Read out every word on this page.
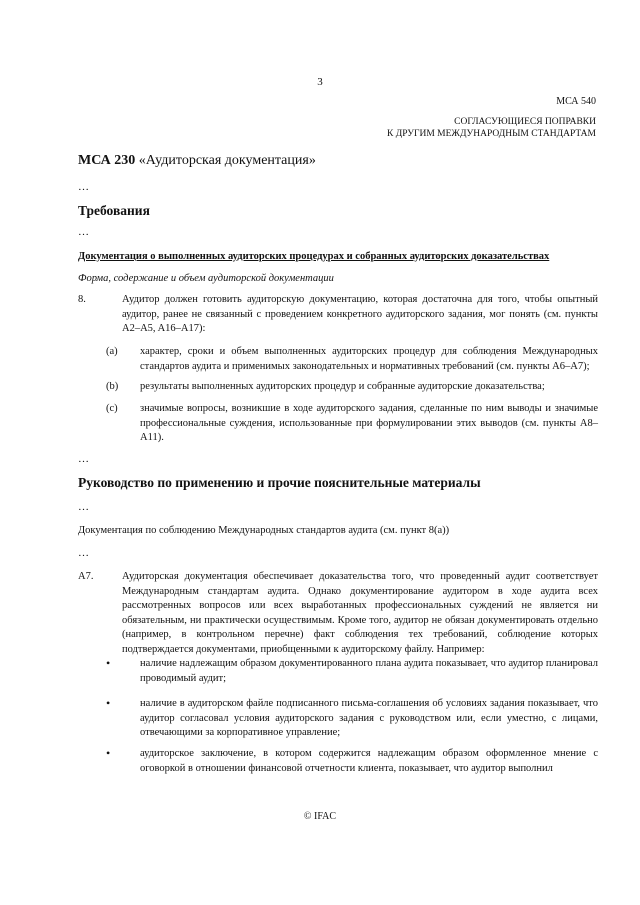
3
МСА 540
СОГЛАСУЮЩИЕСЯ ПОПРАВКИ
К ДРУГИМ МЕЖДУНАРОДНЫМ СТАНДАРТАМ
МСА 230 «Аудиторская документация»
…
Требования
…
Документация о выполненных аудиторских процедурах и собранных аудиторских доказательствах
Форма, содержание и объем аудиторской документации
8.	Аудитор должен готовить аудиторскую документацию, которая достаточна для того, чтобы опытный аудитор, ранее не связанный с проведением конкретного аудиторского задания, мог понять (см. пункты A2–A5, A16–A17):
(a) характер, сроки и объем выполненных аудиторских процедур для соблюдения Международных стандартов аудита и применимых законодательных и нормативных требований (см. пункты A6–A7);
(b) результаты выполненных аудиторских процедур и собранные аудиторские доказательства;
(c) значимые вопросы, возникшие в ходе аудиторского задания, сделанные по ним выводы и значимые профессиональные суждения, использованные при формулировании этих выводов (см. пункты A8–A11).
…
Руководство по применению и прочие пояснительные материалы
…
Документация по соблюдению Международных стандартов аудита (см. пункт 8(a))
…
A7.	Аудиторская документация обеспечивает доказательства того, что проведенный аудит соответствует Международным стандартам аудита. Однако документирование аудитором в ходе аудита всех рассмотренных вопросов или всех выработанных профессиональных суждений не является ни обязательным, ни практически осуществимым. Кроме того, аудитор не обязан документировать отдельно (например, в контрольном перечне) факт соблюдения тех требований, соблюдение которых подтверждается документами, приобщенными к аудиторскому файлу. Например:
•	наличие надлежащим образом документированного плана аудита показывает, что аудитор планировал проводимый аудит;
•	наличие в аудиторском файле подписанного письма-соглашения об условиях задания показывает, что аудитор согласовал условия аудиторского задания с руководством или, если уместно, с лицами, отвечающими за корпоративное управление;
•	аудиторское заключение, в котором содержится надлежащим образом оформленное мнение с оговоркой в отношении финансовой отчетности клиента, показывает, что аудитор выполнил
© IFAC
